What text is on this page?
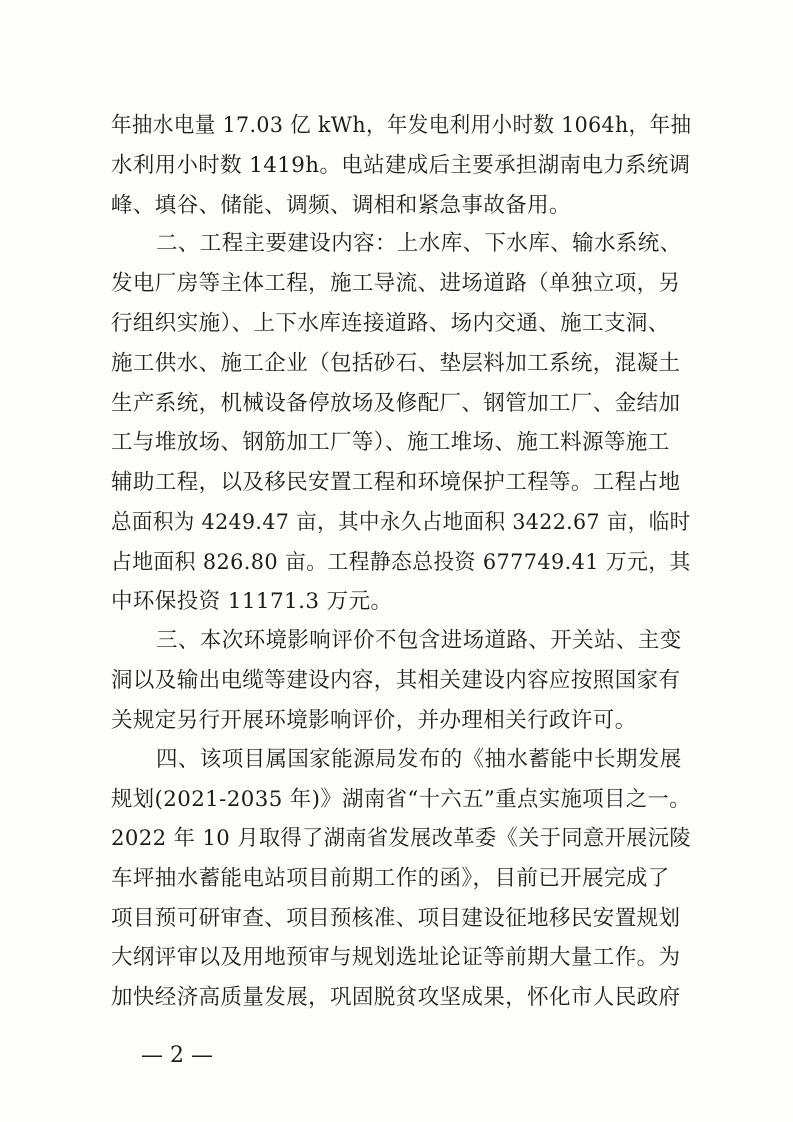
年抽水电量 17.03 亿 kWh，年发电利用小时数 1064h，年抽
水利用小时数 1419h。电站建成后主要承担湖南电力系统调
峰、填谷、储能、调频、调相和紧急事故备用。
二、工程主要建设内容：上水库、下水库、输水系统、
发电厂房等主体工程，施工导流、进场道路（单独立项，另
行组织实施）、上下水库连接道路、场内交通、施工支洞、
施工供水、施工企业（包括砂石、垫层料加工系统，混凝土
生产系统，机械设备停放场及修配厂、钢管加工厂、金结加
工与堆放场、钢筋加工厂等）、施工堆场、施工料源等施工
辅助工程，以及移民安置工程和环境保护工程等。工程占地
总面积为 4249.47 亩，其中永久占地面积 3422.67 亩，临时
占地面积 826.80 亩。工程静态总投资 677749.41 万元，其
中环保投资 11171.3 万元。
三、本次环境影响评价不包含进场道路、开关站、主变
洞以及输出电缆等建设内容，其相关建设内容应按照国家有
关规定另行开展环境影响评价，并办理相关行政许可。
四、该项目属国家能源局发布的《抽水蓄能中长期发展
规划(2021-2035 年)》湖南省“十六五”重点实施项目之一。
2022 年 10 月取得了湖南省发展改革委《关于同意开展沅陵
车坪抽水蓄能电站项目前期工作的函》，目前已开展完成了
项目预可研审查、项目预核准、项目建设征地移民安置规划
大纲评审以及用地预审与规划选址论证等前期大量工作。为
加快经济高质量发展，巩固脱贫攻坚成果，怀化市人民政府
— 2 —
